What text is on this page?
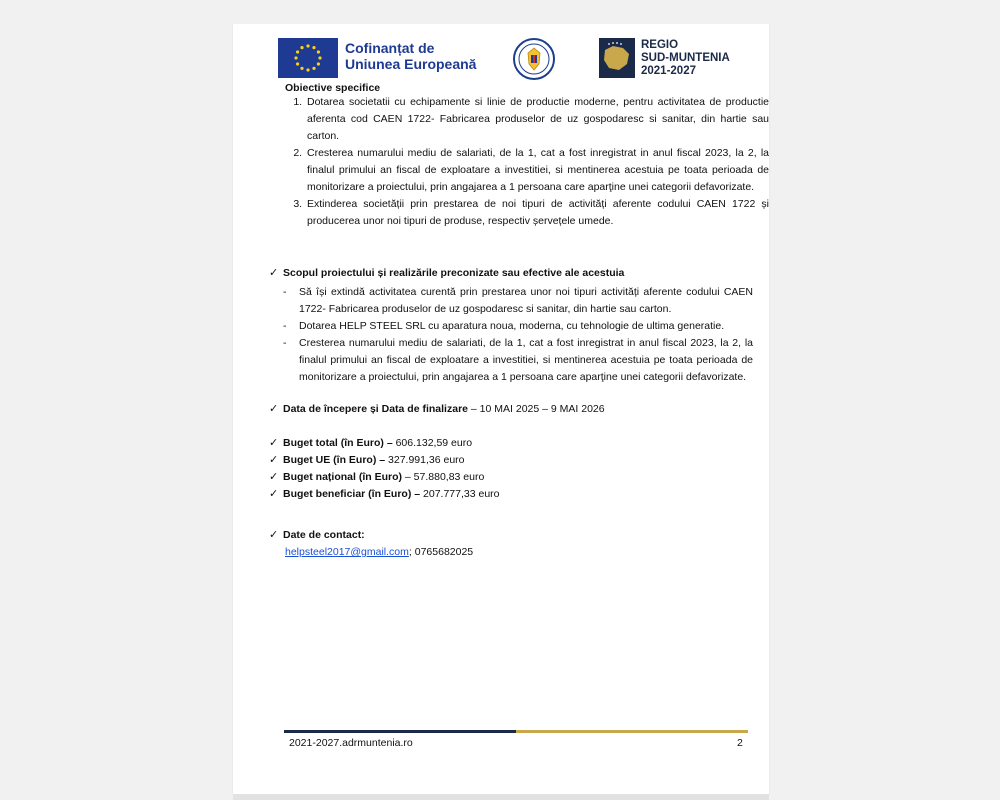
Cofinanțat de
Uniunea Europeană
REGIO
SUD-MUNTENIA
2021-2027
Obiective specifice
1. Dotarea societatii cu echipamente si linie de productie moderne, pentru activitatea de productie aferenta cod CAEN 1722- Fabricarea produselor de uz gospodaresc si sanitar, din hartie sau carton.
2. Cresterea numarului mediu de salariati, de la 1, cat a fost inregistrat in anul fiscal 2023, la 2, la finalul primului an fiscal de exploatare a investitiei, si mentinerea acestuia pe toata perioada de monitorizare a proiectului, prin angajarea a 1 persoana care aparţine unei categorii defavorizate.
3. Extinderea societății prin prestarea de noi tipuri de activități aferente codului CAEN 1722 și producerea unor noi tipuri de produse, respectiv șervețele umede.
✓ Scopul proiectului și realizările preconizate sau efective ale acestuia
- Să își extindă activitatea curentă prin prestarea unor noi tipuri activități aferente codului CAEN 1722- Fabricarea produselor de uz gospodaresc si sanitar, din hartie sau carton.
- Dotarea HELP STEEL SRL cu aparatura noua, moderna, cu tehnologie de ultima generatie.
- Cresterea numarului mediu de salariati, de la 1, cat a fost inregistrat in anul fiscal 2023, la 2, la finalul primului an fiscal de exploatare a investitiei, si mentinerea acestuia pe toata perioada de monitorizare a proiectului, prin angajarea a 1 persoana care aparţine unei categorii defavorizate.
✓ Data de începere și Data de finalizare – 10 MAI 2025 – 9 MAI 2026
✓ Buget total (în Euro) – 606.132,59 euro
✓ Buget UE (în Euro) – 327.991,36 euro
✓ Buget național (în Euro) – 57.880,83 euro
✓ Buget beneficiar (în Euro) – 207.777,33 euro
✓ Date de contact:
helpsteel2017@gmail.com; 0765682025
2021-2027.adrmuntenia.ro	2
